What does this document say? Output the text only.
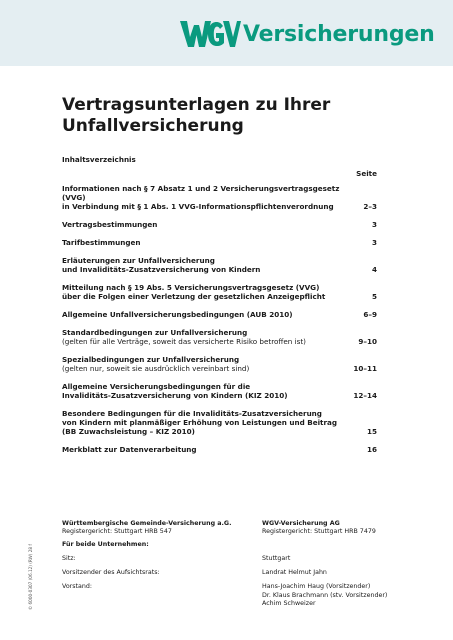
Versicherungen
Vertragsunterlagen zu Ihrer
Unfallversicherung
Inhaltsverzeichnis
Seite
Informationen nach § 7 Absatz 1 und 2 Versicherungsvertragsgesetz (VVG)
in Verbindung mit § 1 Abs. 1 VVG-Informationspflichtenverordnung	2–3
Vertragsbestimmungen	3
Tarifbestimmungen	3
Erläuterungen zur Unfallversicherung
und Invaliditäts-Zusatzversicherung von Kindern	4
Mitteilung nach § 19 Abs. 5 Versicherungsvertragsgesetz (VVG)
über die Folgen einer Verletzung der gesetzlichen Anzeigepflicht	5
Allgemeine Unfallversicherungsbedingungen (AUB 2010)	6–9
Standardbedingungen zur Unfallversicherung
(gelten für alle Verträge, soweit das versicherte Risiko betroffen ist)	9–10
Spezialbedingungen zur Unfallversicherung
(gelten nur, soweit sie ausdrücklich vereinbart sind)	10–11
Allgemeine Versicherungsbedingungen für die
Invaliditäts-Zusatzversicherung von Kindern (KIZ 2010)	12–14
Besondere Bedingungen für die Invaliditäts-Zusatzversicherung
von Kindern mit planmäßiger Erhöhung von Leistungen und Beitrag
(BB Zuwachsleistung – KIZ 2010)	15
Merkblatt zur Datenverarbeitung	16
© 6000-0307 (06.12) (RW) 28 f
Württembergische Gemeinde-Versicherung a.G.
Registergericht: Stuttgart HRB 547
WGV-Versicherung AG
Registergericht: Stuttgart HRB 7479
Für beide Unternehmen:
Sitz:	Stuttgart
Vorsitzender des Aufsichtsrats:	Landrat Helmut Jahn
Vorstand:	Hans-Joachim Haug (Vorsitzender)
Dr. Klaus Brachmann (stv. Vorsitzender)
Achim Schweizer
